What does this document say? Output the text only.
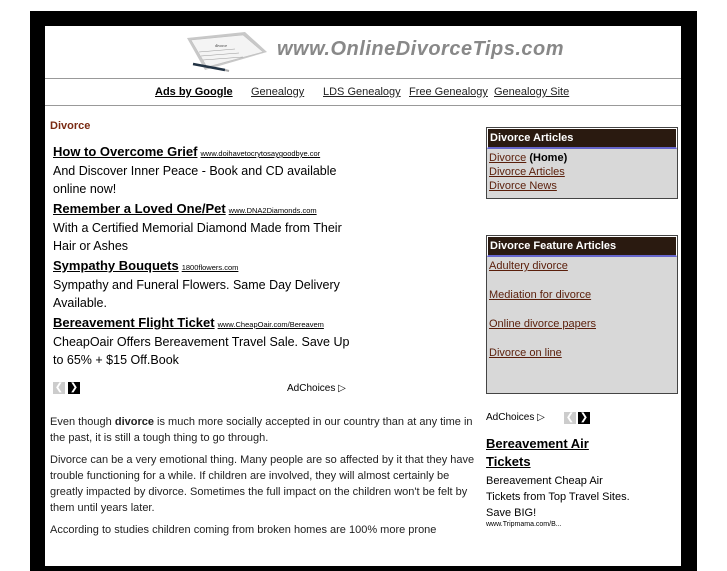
divorce	www.OnlineDivorceTips.com
Ads by Google Genealogy LDS Genealogy Free Genealogy Genealogy Site
Divorce
How to Overcome Grief www.doihavetocrytosaygoodbye.cor
And Discover Inner Peace - Book and CD available online now!
Remember a Loved One/Pet www.DNA2Diamonds.com
With a Certified Memorial Diamond Made from Their Hair or Ashes
Sympathy Bouquets 1800flowers.com
Sympathy and Funeral Flowers. Same Day Delivery Available.
Bereavement Flight Ticket www.CheapOair.com/Bereavem
CheapOair Offers Bereavement Travel Sale. Save Up to 65% + $15 Off.Book
❮ ❯	AdChoices ▷

Even though divorce is much more socially accepted in our country than at any time in the past, it is still a tough thing to go through.

Divorce can be a very emotional thing. Many people are so affected by it that they have trouble functioning for a while. If children are involved, they will almost certainly be greatly impacted by divorce. Sometimes the full impact on the children won't be felt by them until years later.

According to studies children coming from broken homes are 100% more prone

Divorce Articles
Divorce (Home)
Divorce Articles
Divorce News
Divorce Feature Articles
Adultery divorce
Mediation for divorce
Online divorce papers
Divorce on line
AdChoices ▷ ❮ ❯
Bereavement Air Tickets
Bereavement Cheap Air Tickets from Top Travel Sites. Save BIG!
www.Tripmama.com/B...
